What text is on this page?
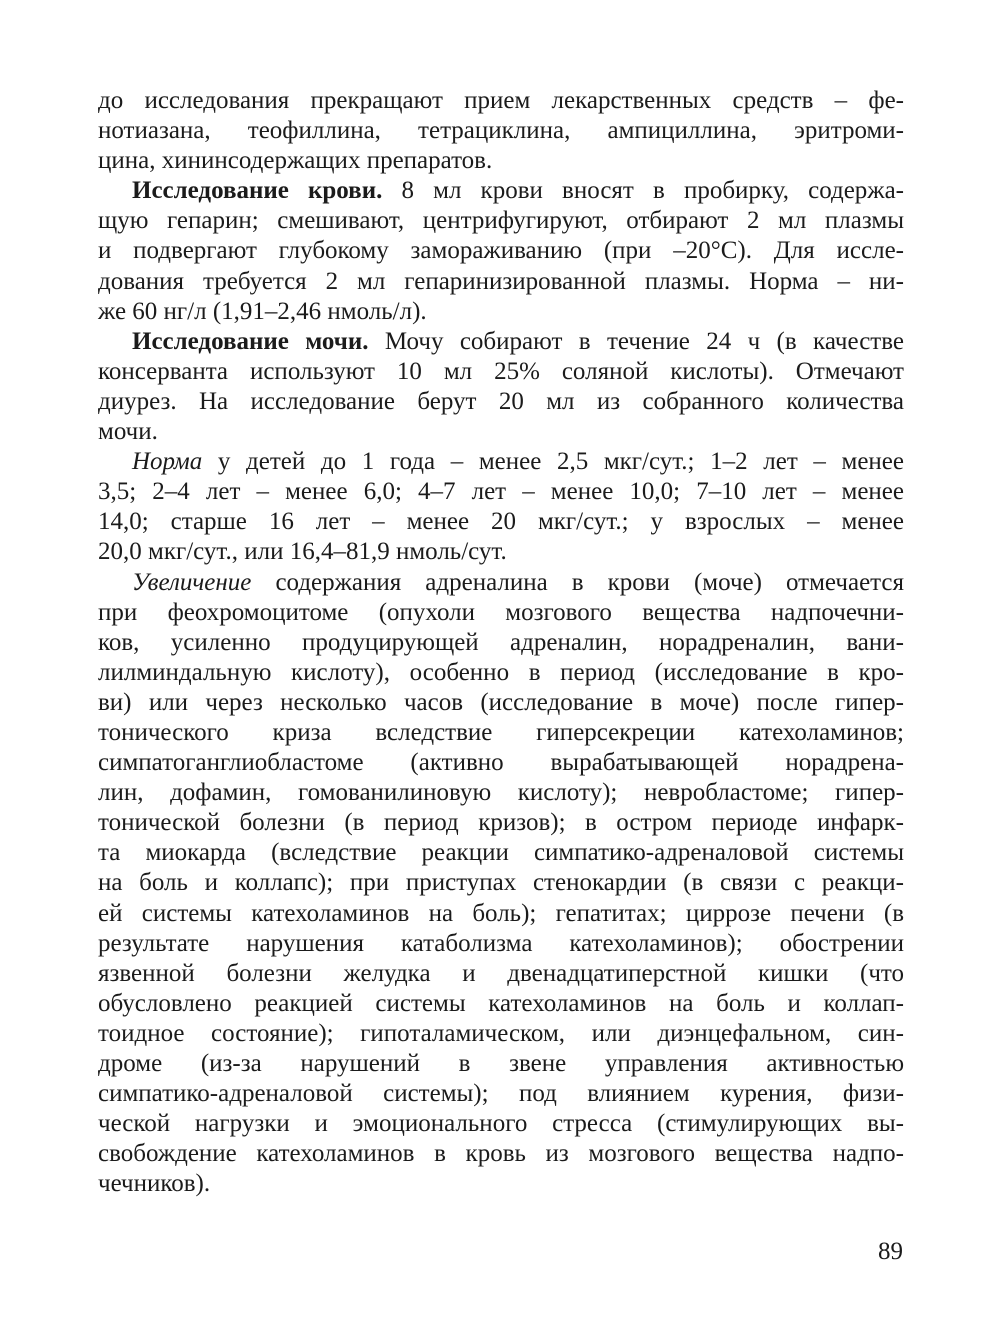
до исследования прекращают прием лекарственных средств – фе-
нотиазана, теофиллина, тетрациклина, ампициллина, эритроми-
цина, хининсодержащих препаратов.
Исследование крови. 8 мл крови вносят в пробирку, содержа-
щую гепарин; смешивают, центрифугируют, отбирают 2 мл плазмы
и подвергают глубокому замораживанию (при –20°С). Для иссле-
дования требуется 2 мл гепаринизированной плазмы. Норма – ни-
же 60 нг/л (1,91–2,46 нмоль/л).
Исследование мочи. Мочу собирают в течение 24 ч (в качестве
консерванта используют 10 мл 25% соляной кислоты). Отмечают
диурез. На исследование берут 20 мл из собранного количества
мочи.
Норма у детей до 1 года – менее 2,5 мкг/сут.; 1–2 лет – менее
3,5; 2–4 лет – менее 6,0; 4–7 лет – менее 10,0; 7–10 лет – менее
14,0; старше 16 лет – менее 20 мкг/сут.; у взрослых – менее
20,0 мкг/сут., или 16,4–81,9 нмоль/сут.
Увеличение содержания адреналина в крови (моче) отмечается
при феохромоцитоме (опухоли мозгового вещества надпочечни-
ков, усиленно продуцирующей адреналин, норадреналин, вани-
лилминдальную кислоту), особенно в период (исследование в кро-
ви) или через несколько часов (исследование в моче) после гипер-
тонического криза вследствие гиперсекреции катехоламинов;
симпатоганглиобластоме (активно вырабатывающей норадрена-
лин, дофамин, гомованилиновую кислоту); невробластоме; гипер-
тонической болезни (в период кризов); в остром периоде инфарк-
та миокарда (вследствие реакции симпатико-адреналовой системы
на боль и коллапс); при приступах стенокардии (в связи с реакци-
ей системы катехоламинов на боль); гепатитах; циррозе печени (в
результате нарушения катаболизма катехоламинов); обострении
язвенной болезни желудка и двенадцатиперстной кишки (что
обусловлено реакцией системы катехоламинов на боль и коллап-
тоидное состояние); гипоталамическом, или диэнцефальном, син-
дроме (из-за нарушений в звене управления активностью
симпатико-адреналовой системы); под влиянием курения, физи-
ческой нагрузки и эмоционального стресса (стимулирующих вы-
свобождение катехоламинов в кровь из мозгового вещества надпо-
чечников).
89
